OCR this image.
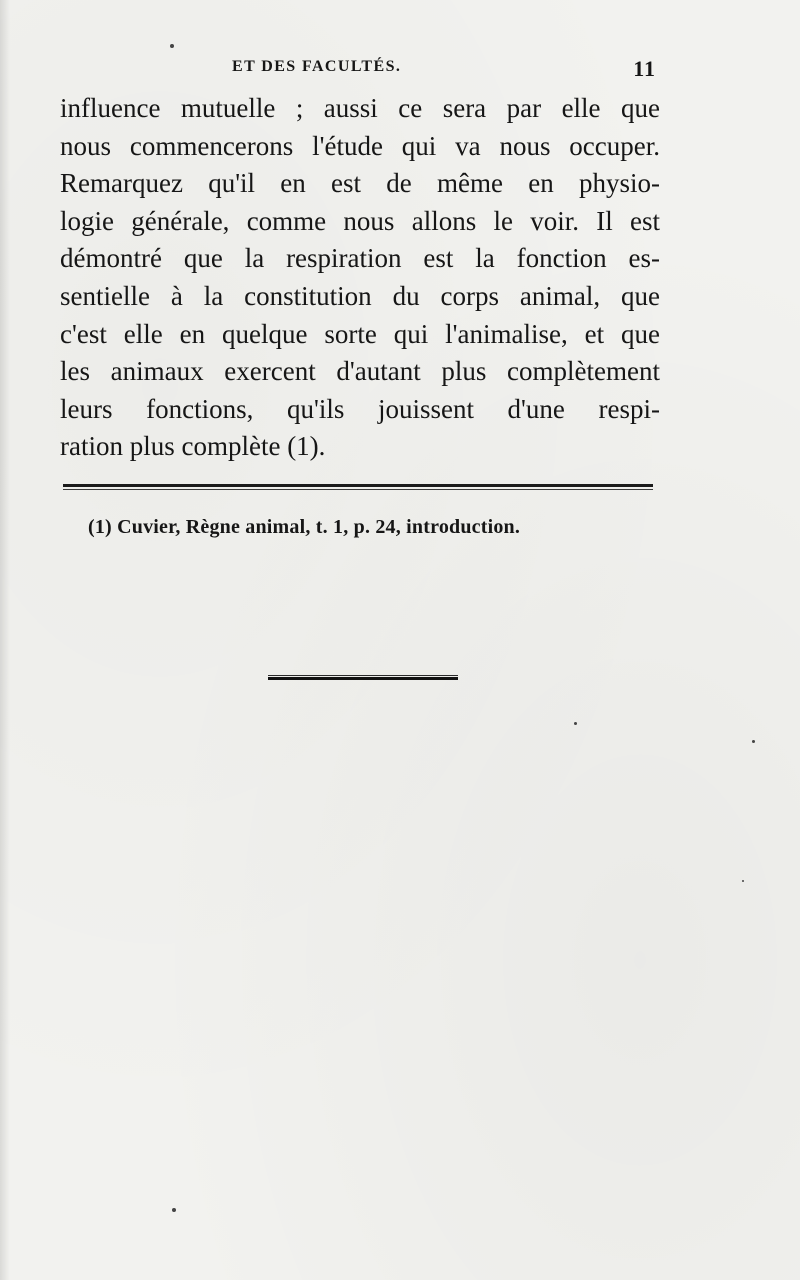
ET DES FACULTÉS.	11
influence mutuelle ; aussi ce sera par elle que
nous commencerons l'étude qui va nous occuper.
Remarquez qu'il en est de même en physio-
logie générale, comme nous allons le voir. Il est
démontré que la respiration est la fonction es-
sentielle à la constitution du corps animal, que
c'est elle en quelque sorte qui l'animalise, et que
les animaux exercent d'autant plus complètement
leurs fonctions, qu'ils jouissent d'une respi-
ration plus complète (1).
(1) Cuvier, Règne animal, t. 1, p. 24, introduction.
